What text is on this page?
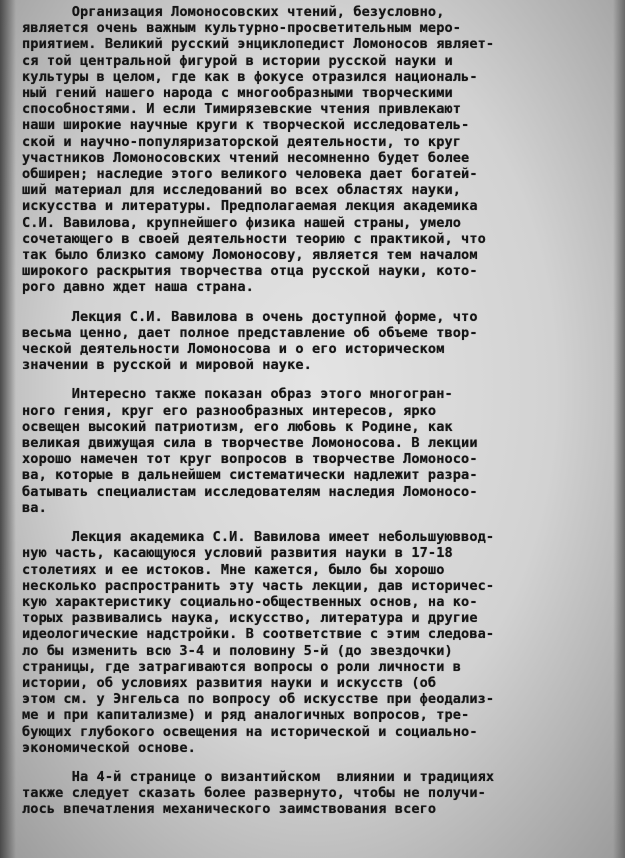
Организация Ломоносовских чтений, безусловно,
является очень важным культурно-просветительным меро-
приятием. Великий русский энциклопедист Ломоносов являет-
ся той центральной фигурой в истории русской науки и
культуры в целом, где как в фокусе отразился националь-
ный гений нашего народа с многообразными творческими
способностями. И если Тимирязевские чтения привлекают
наши широкие научные круги к творческой исследователь-
ской и научно-популяризаторской деятельности, то круг
участников Ломоносовских чтений несомненно будет более
обширен; наследие этого великого человека дает богатей-
ший материал для исследований во всех областях науки,
искусства и литературы. Предполагаемая лекция академика
С.И. Вавилова, крупнейшего физика нашей страны, умело
сочетающего в своей деятельности теорию с практикой, что
так было близко самому Ломоносову, является тем началом
широкого раскрытия творчества отца русской науки, кото-
рого давно ждет наша страна.
Лекция С.И. Вавилова в очень доступной форме, что
весьма ценно, дает полное представление об объеме твор-
ческой деятельности Ломоносова и о его историческом
значении в русской и мировой науке.
Интересно также показан образ этого многогран-
ного гения, круг его разнообразных интересов, ярко
освещен высокий патриотизм, его любовь к Родине, как
великая движущая сила в творчестве Ломоносова. В лекции
хорошо намечен тот круг вопросов в творчестве Ломоносо-
ва, которые в дальнейшем систематически надлежит разра-
батывать специалистам исследователям наследия Ломоносо-
ва.
Лекция академика С.И. Вавилова имеет небольшуюввод-
ную часть, касающуюся условий развития науки в 17-18
столетиях и ее истоков. Мне кажется, было бы хорошо
несколько распространить эту часть лекции, дав историчес-
кую характеристику социально-общественных основ, на ко-
торых развивались наука, искусство, литература и другие
идеологические надстройки. В соответствие с этим следова-
ло бы изменить всю 3-4 и половину 5-й (до звездочки)
страницы, где затрагиваются вопросы о роли личности в
истории, об условиях развития науки и искусств (об
этом см. у Энгельса по вопросу об искусстве при феодализ-
ме и при капитализме) и ряд аналогичных вопросов, тре-
бующих глубокого освещения на исторической и социально-
экономической основе.
На 4-й странице о византийском  влиянии и традициях
также следует сказать более развернуто, чтобы не получи-
лось впечатления механического заимствования всего
